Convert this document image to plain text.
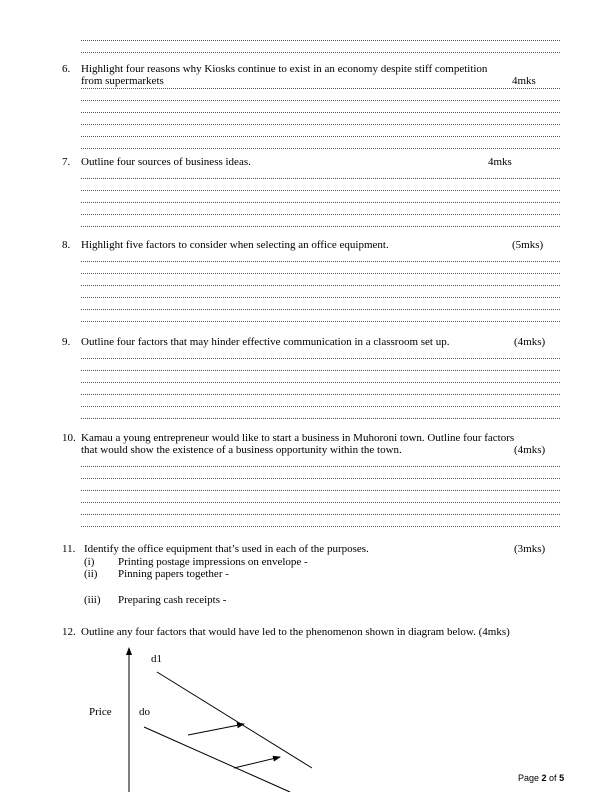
6. Highlight four reasons why Kiosks continue to exist in an economy despite stiff competition from supermarkets	4mks
7. Outline four sources of business ideas.	4mks
8. Highlight five factors to consider when selecting an office equipment.	(5mks)
9. Outline four factors that may hinder effective communication in a classroom set up.	(4mks)
10. Kamau a young entrepreneur would like to start a business in Muhoroni town. Outline four factors
that would show the existence of a business opportunity within the town.	(4mks)
11. Identify the office equipment that’s used in each of the purposes.	(3mks)
(i) Printing postage impressions on envelope -
(ii) Pinning papers together -
(iii) Preparing cash receipts -
12. Outline any four factors that would have led to the phenomenon shown in diagram below. (4mks)
d1
do
Price
Page 2 of 5
